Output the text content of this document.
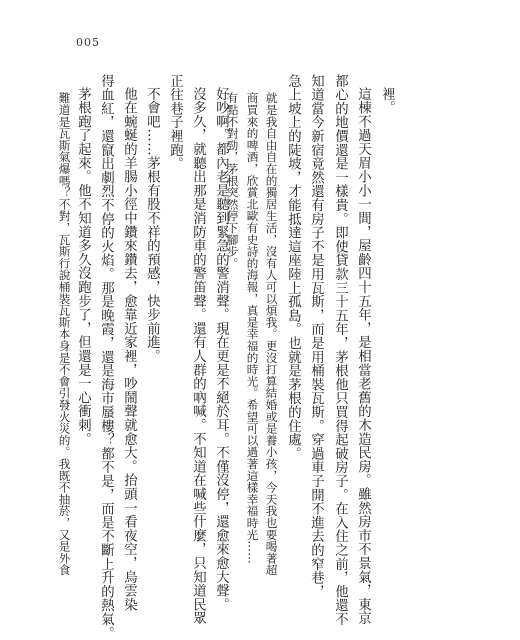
005
裡。
這棟不過天眉小小一間，屋齡四十五年，是相當老舊的木造民房。雖然房市不景氣，東京
都心的地價還是一樣貴。即使貸款三十五年，茅根他只買得起破房子。在入住之前，他還不
知道當今新宿竟然還有房子不是用瓦斯，而是用桶裝瓦斯。穿過車子開不進去的窄巷，
急上坡上的陡坡，才能抵達這座陸上孤島。也就是茅根的住處。
就是我自由自在的獨居生活，沒有人可以煩我。更沒打算結婚或是養小孩，今天我也要喝著超
商買來的啤酒，欣賞北歐有史詩的海報，真是幸福的時光。希望可以過著這樣幸福時光……
有點不對勁，茅根突然停下腳步。
好吵啊。都內老是聽到緊急的警消聲。現在更是不絕於耳。不僅沒停，還愈來愈大聲。
沒多久，就聽出那是消防車的警笛聲。還有人群的吶喊。不知道在喊些什麼，只知道民眾
正往巷子裡跑。
不會吧……茅根有股不祥的預感，快步前進。
他在蜿蜒的羊腸小徑中鑽來鑽去，愈靠近家裡，吵鬧聲就愈大。抬頭一看夜空，烏雲染
得血紅，還竄出劇烈不停的火焰。那是晚霞，還是海市蜃樓？都不是，而是不斷上升的熱氣。
茅根跑了起來。他不知道多久沒跑步了，但還是一心衝刺。
難道是瓦斯氣爆嗎？不對，瓦斯行說桶裝瓦斯本身是不會引發火災的。我既不抽菸，又是外食
